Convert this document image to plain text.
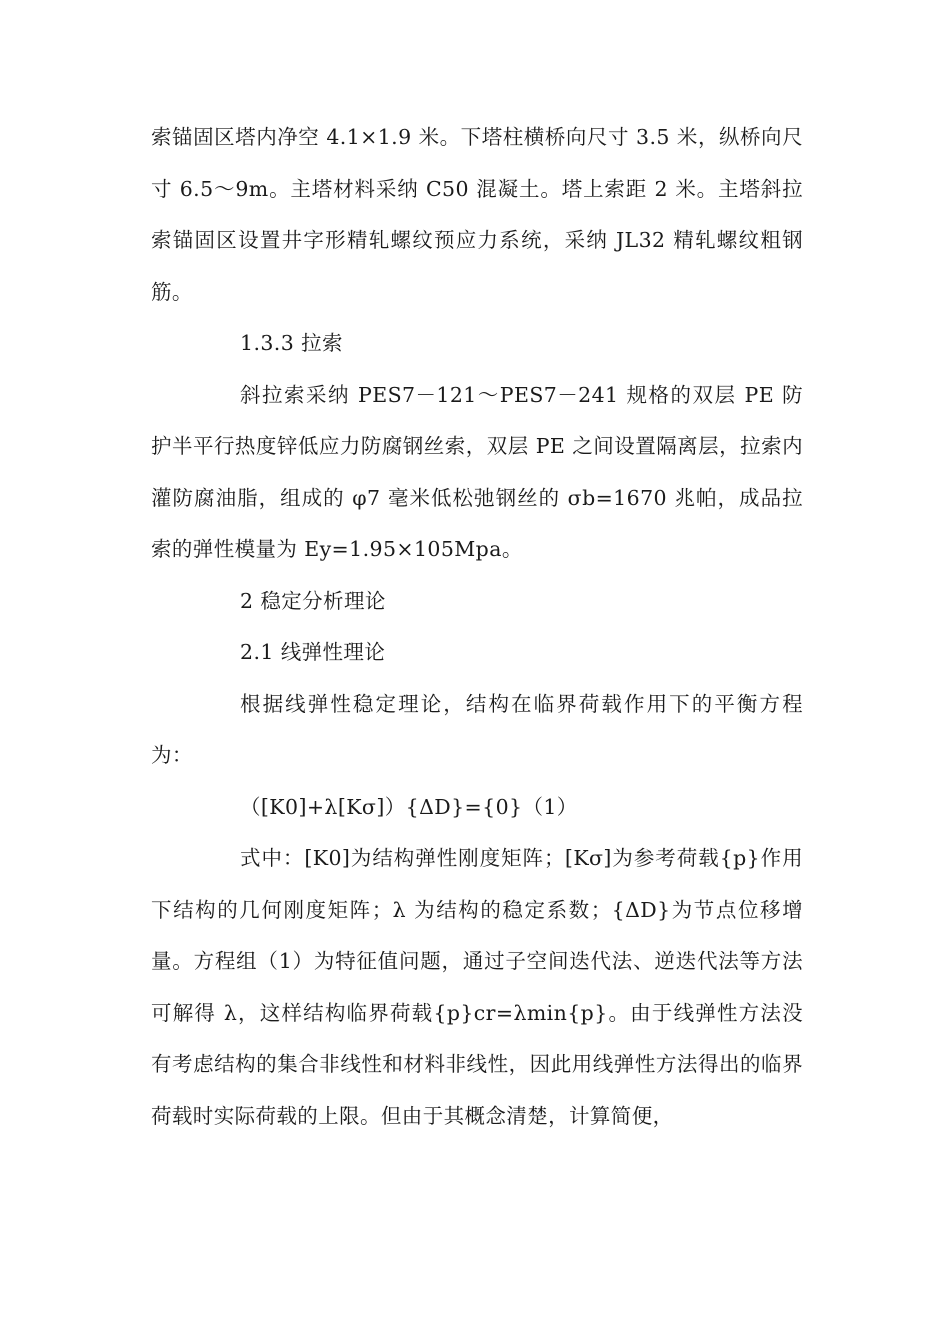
索锚固区塔内净空 4.1×1.9 米。下塔柱横桥向尺寸 3.5 米，纵桥向尺寸 6.5～9m。主塔材料采纳 C50 混凝土。塔上索距 2 米。主塔斜拉索锚固区设置井字形精轧螺纹预应力系统，采纳 JL32 精轧螺纹粗钢筋。

1.3.3 拉索

斜拉索采纳 PES7－121～PES7－241 规格的双层 PE 防护半平行热度锌低应力防腐钢丝索，双层 PE 之间设置隔离层，拉索内灌防腐油脂，组成的 φ7 毫米低松弛钢丝的 σb=1670 兆帕，成品拉索的弹性模量为 Ey=1.95×105Mpa。

2 稳定分析理论

2.1 线弹性理论

根据线弹性稳定理论，结构在临界荷载作用下的平衡方程为：

（[K0]+λ[Kσ]）{ΔD}={0}（1）

式中：[K0]为结构弹性刚度矩阵；[Kσ]为参考荷载{p}作用下结构的几何刚度矩阵；λ 为结构的稳定系数；{ΔD}为节点位移增量。方程组（1）为特征值问题，通过子空间迭代法、逆迭代法等方法可解得 λ，这样结构临界荷载{p}cr=λmin{p}。由于线弹性方法没有考虑结构的集合非线性和材料非线性，因此用线弹性方法得出的临界荷载时实际荷载的上限。但由于其概念清楚，计算简便，
